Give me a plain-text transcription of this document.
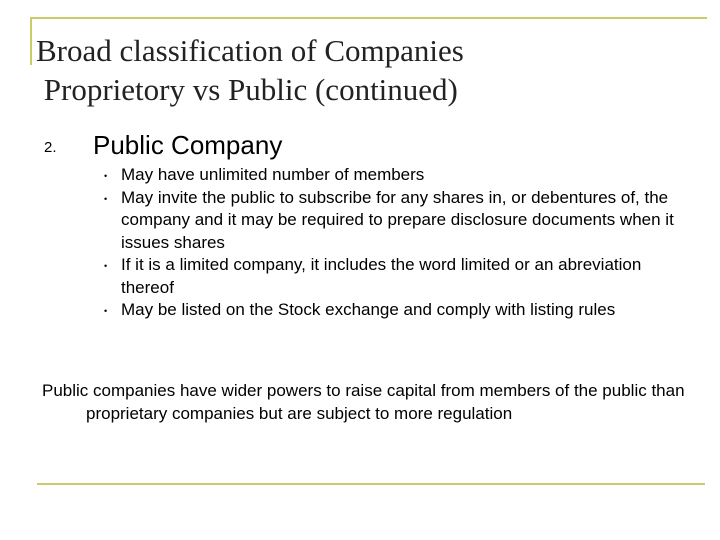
Broad classification of Companies
Proprietory vs Public (continued)
2. Public Company
• May have unlimited number of members
• May invite the public to subscribe for any shares in, or debentures of, the company and it may be required to prepare disclosure documents when it issues shares
• If it is a limited company, it includes the word limited or an abreviation thereof
• May be listed on the Stock exchange and comply with listing rules

Public companies have wider powers to raise capital from members of the public than proprietary companies but are subject to more regulation
